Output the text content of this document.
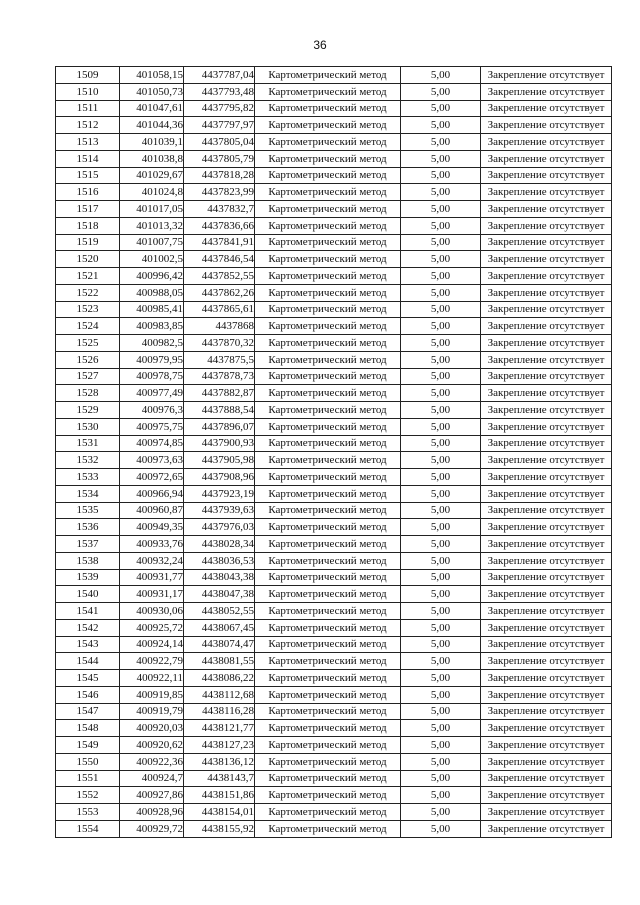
36
1509	401058,15	4437787,04	Картометрический метод	5,00	Закрепление отсутствует
1510	401050,73	4437793,48	Картометрический метод	5,00	Закрепление отсутствует
1511	401047,61	4437795,82	Картометрический метод	5,00	Закрепление отсутствует
1512	401044,36	4437797,97	Картометрический метод	5,00	Закрепление отсутствует
1513	401039,1	4437805,04	Картометрический метод	5,00	Закрепление отсутствует
1514	401038,8	4437805,79	Картометрический метод	5,00	Закрепление отсутствует
1515	401029,67	4437818,28	Картометрический метод	5,00	Закрепление отсутствует
1516	401024,8	4437823,99	Картометрический метод	5,00	Закрепление отсутствует
1517	401017,05	4437832,7	Картометрический метод	5,00	Закрепление отсутствует
1518	401013,32	4437836,66	Картометрический метод	5,00	Закрепление отсутствует
1519	401007,75	4437841,91	Картометрический метод	5,00	Закрепление отсутствует
1520	401002,5	4437846,54	Картометрический метод	5,00	Закрепление отсутствует
1521	400996,42	4437852,55	Картометрический метод	5,00	Закрепление отсутствует
1522	400988,05	4437862,26	Картометрический метод	5,00	Закрепление отсутствует
1523	400985,41	4437865,61	Картометрический метод	5,00	Закрепление отсутствует
1524	400983,85	4437868	Картометрический метод	5,00	Закрепление отсутствует
1525	400982,5	4437870,32	Картометрический метод	5,00	Закрепление отсутствует
1526	400979,95	4437875,5	Картометрический метод	5,00	Закрепление отсутствует
1527	400978,75	4437878,73	Картометрический метод	5,00	Закрепление отсутствует
1528	400977,49	4437882,87	Картометрический метод	5,00	Закрепление отсутствует
1529	400976,3	4437888,54	Картометрический метод	5,00	Закрепление отсутствует
1530	400975,75	4437896,07	Картометрический метод	5,00	Закрепление отсутствует
1531	400974,85	4437900,93	Картометрический метод	5,00	Закрепление отсутствует
1532	400973,63	4437905,98	Картометрический метод	5,00	Закрепление отсутствует
1533	400972,65	4437908,96	Картометрический метод	5,00	Закрепление отсутствует
1534	400966,94	4437923,19	Картометрический метод	5,00	Закрепление отсутствует
1535	400960,87	4437939,63	Картометрический метод	5,00	Закрепление отсутствует
1536	400949,35	4437976,03	Картометрический метод	5,00	Закрепление отсутствует
1537	400933,76	4438028,34	Картометрический метод	5,00	Закрепление отсутствует
1538	400932,24	4438036,53	Картометрический метод	5,00	Закрепление отсутствует
1539	400931,77	4438043,38	Картометрический метод	5,00	Закрепление отсутствует
1540	400931,17	4438047,38	Картометрический метод	5,00	Закрепление отсутствует
1541	400930,06	4438052,55	Картометрический метод	5,00	Закрепление отсутствует
1542	400925,72	4438067,45	Картометрический метод	5,00	Закрепление отсутствует
1543	400924,14	4438074,47	Картометрический метод	5,00	Закрепление отсутствует
1544	400922,79	4438081,55	Картометрический метод	5,00	Закрепление отсутствует
1545	400922,11	4438086,22	Картометрический метод	5,00	Закрепление отсутствует
1546	400919,85	4438112,68	Картометрический метод	5,00	Закрепление отсутствует
1547	400919,79	4438116,28	Картометрический метод	5,00	Закрепление отсутствует
1548	400920,03	4438121,77	Картометрический метод	5,00	Закрепление отсутствует
1549	400920,62	4438127,23	Картометрический метод	5,00	Закрепление отсутствует
1550	400922,36	4438136,12	Картометрический метод	5,00	Закрепление отсутствует
1551	400924,7	4438143,7	Картометрический метод	5,00	Закрепление отсутствует
1552	400927,86	4438151,86	Картометрический метод	5,00	Закрепление отсутствует
1553	400928,96	4438154,01	Картометрический метод	5,00	Закрепление отсутствует
1554	400929,72	4438155,92	Картометрический метод	5,00	Закрепление отсутствует
